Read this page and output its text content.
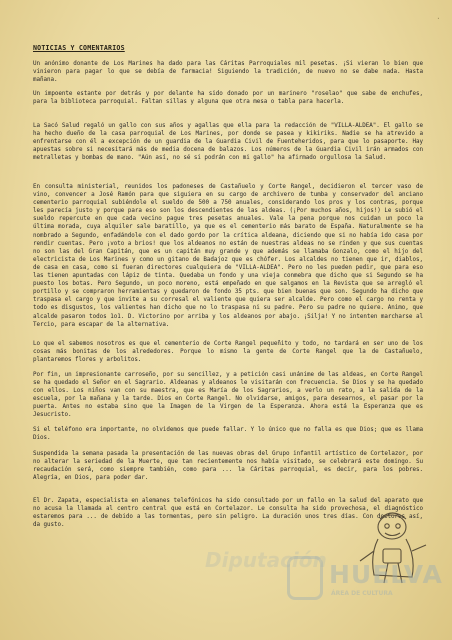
·
NOTICIAS Y COMENTARIOS
Un anónimo donante de Los Marines ha dado para las Cáritas Parroquiales mil pesetas. ¡Si vieran lo bien que vinieron para pagar lo que se debía de farmacia! Siguiendo la tradición, de nuevo no se dabe nada. Hasta mañana.
Un impoente estante por detrás y por delante ha sido donado por un marinero "roselao" que sabe de enchufes, para la biblioteca parroquial. Faltan sillas y alguna que otra mesa o tabla para hacerla.
La Sacó Salud regaló un gallo con sus años y agallas que ella para la redacción de "VILLA-ALDEA". El gallo se ha hecho dueño de la casa parroquial de Los Marines, por donde se pasea y kikiriks. Nadie se ha atrevido a enfrentarse con él a excepción de un guardia de la Guardia Civil de Fuenteheridos, para que lo pasaporte. Hay apuestas sobre si necesitará más de media docena de balazos. Los números de la Guardia Civil irán armados con metralletas y bombas de mano. "Aún así, no sé si podrán con mi gallo" ha afirmado orgullosa la Salud.
En consulta ministerial, reunidos los padoneses de Castañuelo y Corte Rangel, decidieron el tercer vaso de vino, convencer a José Ramón para que siguiera en su cargo de archivero de tumba y conservador del anciano cementerio parroquial subiéndole el sueldo de 500 a 750 anuales, considerando los pros y los contras, porque les parecía justo y porque para eso son los descendientes de las aldeas. (¡Por muchos años, hijos!) Le subió el sueldo repercute en que cada vecino pague tres pesetas anuales. Vale la pena porque nos cuidan un poco la última morada, cuya alquiler sale baratillo, ya que es el cementerio más barato de España. Naturalmente se ha nombrado a Segundo, enfadándole con el dado gordo por la crítica aldeana, diciendo que si no había ido casa por rendir cuentas. Pero ¡voto a brios! que los aldeanos no están de nuestras aldeas no se rinden y que sus cuentas no son las del Gran Capitán, que es un capitán muy grande y que además se llamaba Gonzalo, como el hijo del electricista de Los Marines y como un gitano de Badajoz que es chófer. Los alcaldes no tienen que ir, diablos, de casa en casa, como si fueran directores cualquiera de "VILLA-ALDEA". Pero no les pueden pedir, que para eso las tienen apuntadas con lápiz de tinta. Quedaba un fondo y una vieja conmebra que dicho que si Segundo se ha puesto los botas. Pero Segundo, un poco moreno, está empeñado en que salgamos en la Revista que se arregló el portillo y se compraron herramientas y quedaron de fondo 35 pts. que bien buenas que son. Segundo ha dicho que traspasa el cargo y que invite a su corresal el valiente que quiera ser alcalde. Pero como el cargo no renta y todo es disgustos, los valientes han dicho que no lo traspasa ni su padre. Pero su padre no quiere. Animo, que alcalde pasaron todos 1o1. D. Victorino por arriba y los aldeanos por abajo. ¡Silja! Y no intenten marcharse al Tercio, para escapar de la alternativa.
Lo que el sabemos nosotros es que el cementerio de Corte Rangel pequeñito y todo, no tardará en ser uno de los cosas más bonitas de los alrededores. Porque lo mismo la gente de Corte Rangel que la de Castañuelo, plantaremos flores y arbolitos.
Por fin, un impresionante carroseño, por su sencillez, y a petición casi unánime de las aldeas, en Corte Rangel se ha quedado el Señor en el Sagrario. Aldeanas y aldeanos le visitarán con frecuencia. Se Dios y se ha quedado con ellos. Los niños van con su maestra, que es María de los Sagrarios, a verlo un rato, a la salida de la escuela, por la mañana y la tarde. Dios en Corte Rangel. No olvidarse, amigos, para desearnos, el pasar por la puerta. Antes no estaba sino que la Imagen de la Virgen de la Esperanza. Ahora está la Esperanza que es Jesucristo.
Si el teléfono era importante, no olvidemos que puede fallar. Y lo único que no falla es que Dios; que es llama Dios.
Suspendida la semana pasada la presentación de las nuevas obras del Grupo infantil artístico de Cortelazor, por no alterar la seriedad de la Muerte, que tan recientemente nos había visitado, se celebrará este domingo. Su recaudación será, como siempre también, como para ... la Cáritas parroquial, es decir, para los pobres. Alegría, en Dios, para poder dar.
El Dr. Zapata, especialista en alemanes telefónicos ha sido consultado por un fallo en la salud del aparato que no acusa la llamada al centro central que está en Cortelazor. Le consulta ha sido provechosa, el diagnóstico estaremos para ... de debido a las tormentas, pero sin peligro. La duración unos tres días. Con doctores así, da gusto.
HUELVA
ÁREA DE CULTURA
Diputación
